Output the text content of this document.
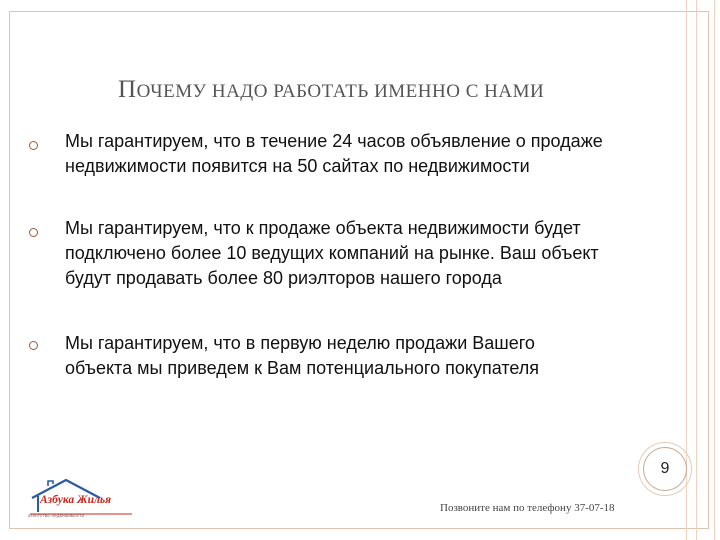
ПОЧЕМУ НАДО РАБОТАТЬ ИМЕННО С НАМИ
Мы гарантируем, что в течение 24 часов объявление о продаже
недвижимости появится на 50 сайтах по недвижимости
Мы гарантируем, что к продаже объекта недвижимости будет
подключено более 10 ведущих компаний на рынке. Ваш объект
будут продавать более 80 риэлторов нашего города
Мы гарантируем, что в первую неделю продажи Вашего
объекта мы приведем к Вам потенциального покупателя
9
Позвоните нам по телефону 37-07-18
Азбука Жилья
агентство недвижимости
